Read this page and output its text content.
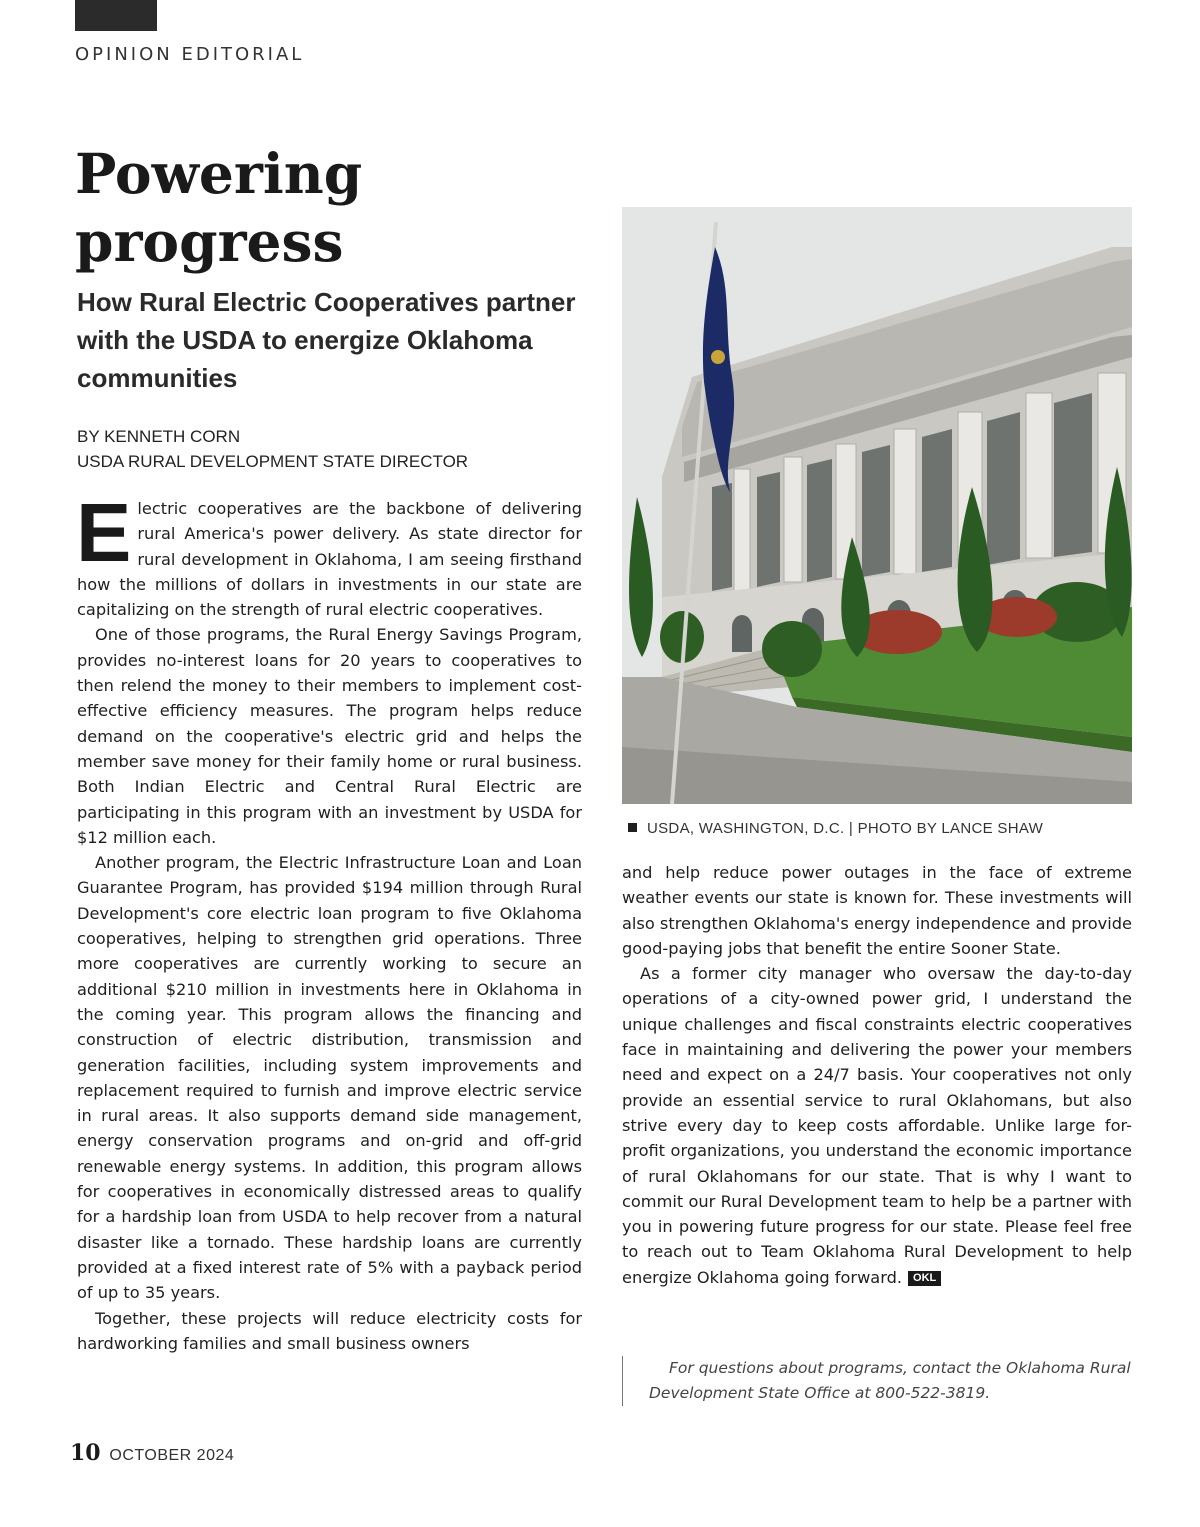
OPINION EDITORIAL
Powering
progress
How Rural Electric Cooperatives partner with the USDA to energize Oklahoma communities
BY KENNETH CORN
USDA RURAL DEVELOPMENT STATE DIRECTOR

Electric cooperatives are the backbone of delivering rural America's power delivery. As state director for rural development in Oklahoma, I am seeing firsthand how the millions of dollars in investments in our state are capitalizing on the strength of rural electric cooperatives.

One of those programs, the Rural Energy Savings Program, provides no-interest loans for 20 years to cooperatives to then relend the money to their members to implement cost-effective efficiency measures. The program helps reduce demand on the cooperative's electric grid and helps the member save money for their family home or rural business. Both Indian Electric and Central Rural Electric are participating in this program with an investment by USDA for $12 million each.

Another program, the Electric Infrastructure Loan and Loan Guarantee Program, has provided $194 million through Rural Development's core electric loan program to five Oklahoma cooperatives, helping to strengthen grid operations. Three more cooperatives are currently working to secure an additional $210 million in investments here in Oklahoma in the coming year. This program allows the financing and construction of electric distribution, transmission and generation facilities, including system improvements and replacement required to furnish and improve electric service in rural areas. It also supports demand side management, energy conservation programs and on-grid and off-grid renewable energy systems. In addition, this program allows for cooperatives in economically distressed areas to qualify for a hardship loan from USDA to help recover from a natural disaster like a tornado. These hardship loans are currently provided at a fixed interest rate of 5% with a payback period of up to 35 years.

Together, these projects will reduce electricity costs for hardworking families and small business owners

USDA, WASHINGTON, D.C. | PHOTO BY LANCE SHAW

and help reduce power outages in the face of extreme weather events our state is known for. These investments will also strengthen Oklahoma's energy independence and provide good-paying jobs that benefit the entire Sooner State.

As a former city manager who oversaw the day-to-day operations of a city-owned power grid, I understand the unique challenges and fiscal constraints electric cooperatives face in maintaining and delivering the power your members need and expect on a 24/7 basis. Your cooperatives not only provide an essential service to rural Oklahomans, but also strive every day to keep costs affordable. Unlike large for-profit organizations, you understand the economic importance of rural Oklahomans for our state. That is why I want to commit our Rural Development team to help be a partner with you in powering future progress for our state. Please feel free to reach out to Team Oklahoma Rural Development to help energize Oklahoma going forward. OKL

For questions about programs, contact the Oklahoma Rural Development State Office at 800-522-3819.

10 OCTOBER 2024
